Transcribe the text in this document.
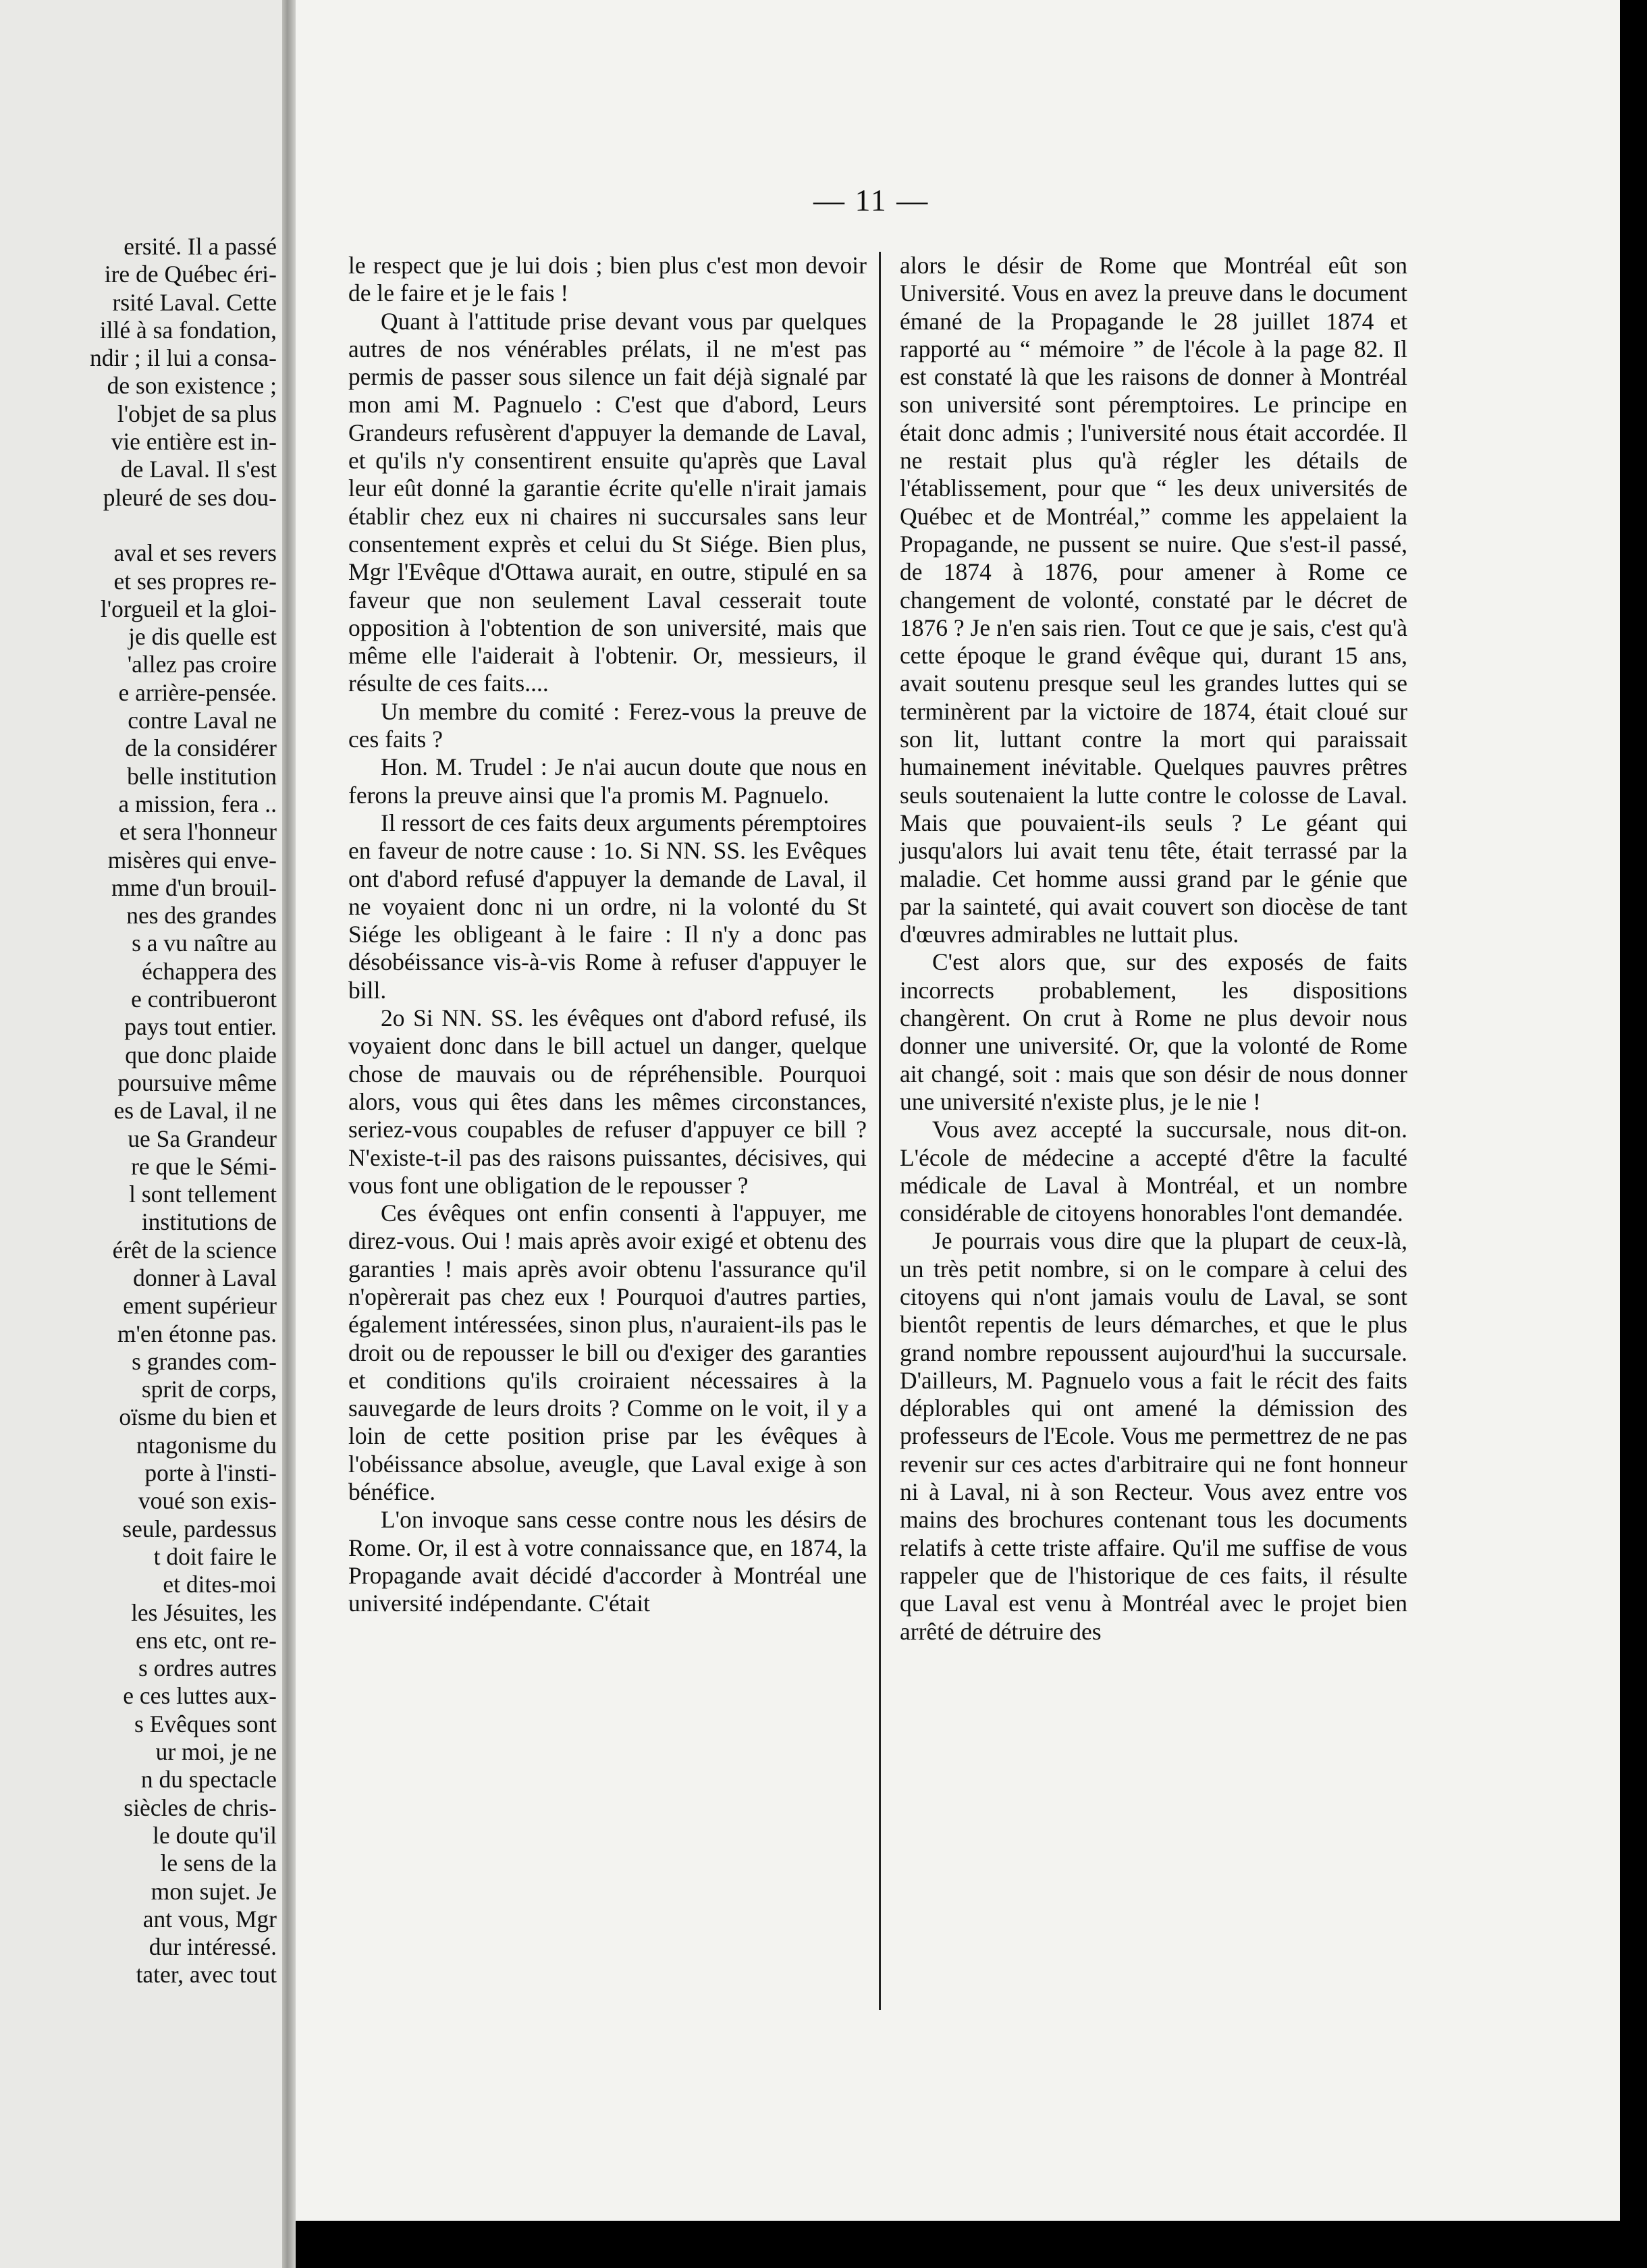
ersité. Il a passé
ire de Québec éri-
rsité Laval. Cette
illé à sa fondation,
ndir ; il lui a consa-
de son existence ;
l'objet de sa plus
vie entière est in-
de Laval. Il s'est
pleuré de ses dou-
aval et ses revers
et ses propres re-
l'orgueil et la gloi-
je dis quelle est
'allez pas croire
e arrière-pensée.
contre Laval ne
de la considérer
belle institution
a mission, fera ..
et sera l'honneur
misères qui enve-
mme d'un brouil-
nes des grandes
s a vu naître au
échappera des
e contribueront
pays tout entier.
que donc plaide
poursuive même
es de Laval, il ne
ue Sa Grandeur
re que le Sémi-
l sont tellement
institutions de
érêt de la science
donner à Laval
ement supérieur
m'en étonne pas.
s grandes com-
sprit de corps,
oïsme du bien et
ntagonisme du
porte à l'insti-
voué son exis-
seule, pardessus
t doit faire le
et dites-moi
les Jésuites, les
ens etc, ont re-
s ordres autres
e ces luttes aux-
s Evêques sont
ur moi, je ne
n du spectacle
siècles de chris-
le doute qu'il
le sens de la
mon sujet. Je
ant vous, Mgr
dur intéressé.
tater, avec tout
— 11 —

le respect que je lui dois ; bien plus c'est mon devoir de le faire et je le fais !

Quant à l'attitude prise devant vous par quelques autres de nos vénérables prélats, il ne m'est pas permis de passer sous silence un fait déjà signalé par mon ami M. Pagnuelo : C'est que d'abord, Leurs Grandeurs refusèrent d'appuyer la demande de Laval, et qu'ils n'y consentirent ensuite qu'après que Laval leur eût donné la garantie écrite qu'elle n'irait jamais établir chez eux ni chaires ni succursales sans leur consentement exprès et celui du St Siége. Bien plus, Mgr l'Evêque d'Ottawa aurait, en outre, stipulé en sa faveur que non seulement Laval cesserait toute opposition à l'obtention de son université, mais que même elle l'aiderait à l'obtenir. Or, messieurs, il résulte de ces faits....

Un membre du comité : Ferez-vous la preuve de ces faits ?

Hon. M. Trudel : Je n'ai aucun doute que nous en ferons la preuve ainsi que l'a promis M. Pagnuelo.

Il ressort de ces faits deux arguments péremptoires en faveur de notre cause : 1o. Si NN. SS. les Evêques ont d'abord refusé d'appuyer la demande de Laval, il ne voyaient donc ni un ordre, ni la volonté du St Siége les obligeant à le faire : Il n'y a donc pas désobéissance vis-à-vis Rome à refuser d'appuyer le bill.

2o Si NN. SS. les évêques ont d'abord refusé, ils voyaient donc dans le bill actuel un danger, quelque chose de mauvais ou de répréhensible. Pourquoi alors, vous qui êtes dans les mêmes circonstances, seriez-vous coupables de refuser d'appuyer ce bill ? N'existe-t-il pas des raisons puissantes, décisives, qui vous font une obligation de le repousser ?

Ces évêques ont enfin consenti à l'appuyer, me direz-vous. Oui ! mais après avoir exigé et obtenu des garanties ! mais après avoir obtenu l'assurance qu'il n'opèrerait pas chez eux ! Pourquoi d'autres parties, également intéressées, sinon plus, n'auraient-ils pas le droit ou de repousser le bill ou d'exiger des garanties et conditions qu'ils croiraient nécessaires à la sauvegarde de leurs droits ? Comme on le voit, il y a loin de cette position prise par les évêques à l'obéissance absolue, aveugle, que Laval exige à son bénéfice.

L'on invoque sans cesse contre nous les désirs de Rome. Or, il est à votre connaissance que, en 1874, la Propagande avait décidé d'accorder à Montréal une université indépendante. C'était

alors le désir de Rome que Montréal eût son Université. Vous en avez la preuve dans le document émané de la Propagande le 28 juillet 1874 et rapporté au “ mémoire ” de l'école à la page 82. Il est constaté là que les raisons de donner à Montréal son université sont péremptoires. Le principe en était donc admis ; l'université nous était accordée. Il ne restait plus qu'à régler les détails de l'établissement, pour que “ les deux universités de Québec et de Montréal,” comme les appelaient la Propagande, ne pussent se nuire. Que s'est-il passé, de 1874 à 1876, pour amener à Rome ce changement de volonté, constaté par le décret de 1876 ? Je n'en sais rien. Tout ce que je sais, c'est qu'à cette époque le grand évêque qui, durant 15 ans, avait soutenu presque seul les grandes luttes qui se terminèrent par la victoire de 1874, était cloué sur son lit, luttant contre la mort qui paraissait humainement inévitable. Quelques pauvres prêtres seuls soutenaient la lutte contre le colosse de Laval. Mais que pouvaient-ils seuls ? Le géant qui jusqu'alors lui avait tenu tête, était terrassé par la maladie. Cet homme aussi grand par le génie que par la sainteté, qui avait couvert son diocèse de tant d'œuvres admirables ne luttait plus.

C'est alors que, sur des exposés de faits incorrects probablement, les dispositions changèrent. On crut à Rome ne plus devoir nous donner une université. Or, que la volonté de Rome ait changé, soit : mais que son désir de nous donner une université n'existe plus, je le nie !

Vous avez accepté la succursale, nous dit-on. L'école de médecine a accepté d'être la faculté médicale de Laval à Montréal, et un nombre considérable de citoyens honorables l'ont demandée.

Je pourrais vous dire que la plupart de ceux-là, un très petit nombre, si on le compare à celui des citoyens qui n'ont jamais voulu de Laval, se sont bientôt repentis de leurs démarches, et que le plus grand nombre repoussent aujourd'hui la succursale. D'ailleurs, M. Pagnuelo vous a fait le récit des faits déplorables qui ont amené la démission des professeurs de l'Ecole. Vous me permettrez de ne pas revenir sur ces actes d'arbitraire qui ne font honneur ni à Laval, ni à son Recteur. Vous avez entre vos mains des brochures contenant tous les documents relatifs à cette triste affaire. Qu'il me suffise de vous rappeler que de l'historique de ces faits, il résulte que Laval est venu à Montréal avec le projet bien arrêté de détruire des
